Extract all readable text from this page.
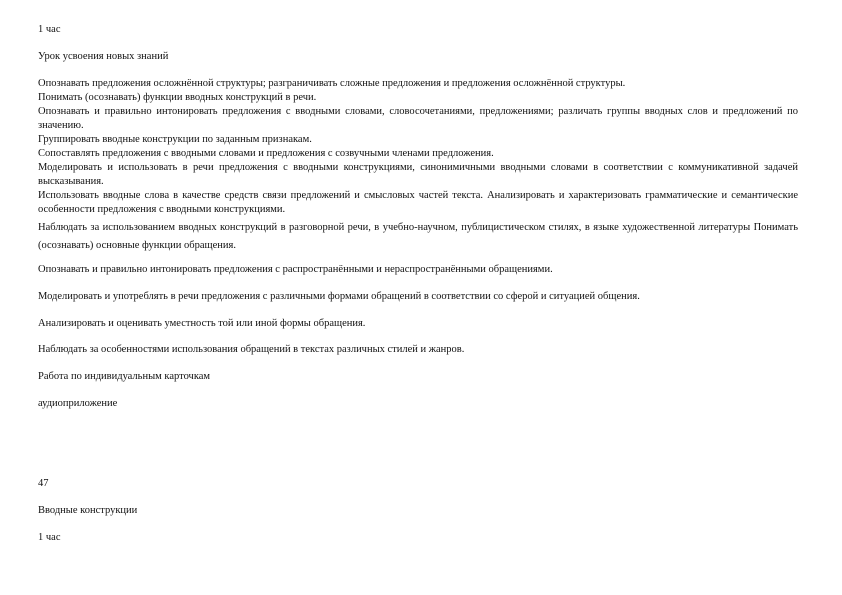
1 час
Урок усвоения новых знаний
Опознавать предложения осложнённой структуры; разграничивать сложные предложения и предложения осложнённой структуры.
Понимать (осознавать) функции вводных конструкций в речи.
Опознавать и правильно интонировать предложения с вводными словами, словосочетаниями, предложениями; различать группы вводных слов и предложений по значению.
Группировать вводные конструкции по заданным признакам.
Сопоставлять предложения с вводными словами и предложения с созвучными членами предложения.
Моделировать и использовать в речи предложения с вводными конструкциями, синонимичными вводными словами в соответствии с коммуникативной задачей высказывания.
Использовать вводные слова в качестве средств связи предложений и смысловых частей текста. Анализировать и характеризовать грамматические и семантические особенности предложения с вводными конструкциями.
Наблюдать за использованием вводных конструкций в разговорной речи, в учебно-научном, публицистическом стилях, в языке художественной литературы Понимать (осознавать) основные функции обращения.
Опознавать и правильно интонировать предложения с распространёнными и нераспространёнными обращениями.
Моделировать и употреблять в речи предложения с различными формами обращений в соответствии со сферой и ситуацией общения.
Анализировать и оценивать уместность той или иной формы обращения.
Наблюдать за особенностями использования обращений в текстах различных стилей и жанров.
Работа по индивидуальным карточкам
аудиоприложение
47
Вводные конструкции
1 час
